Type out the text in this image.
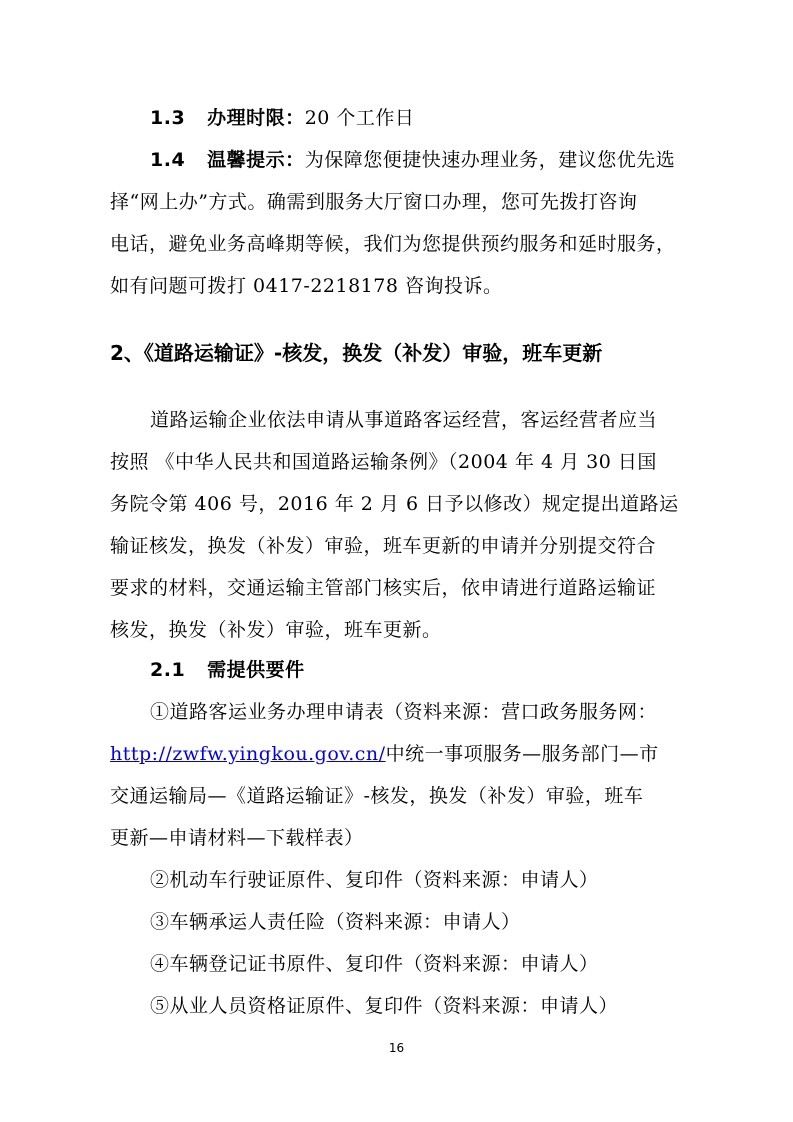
1.3 办理时限：20 个工作日
1.4 温馨提示：为保障您便捷快速办理业务，建议您优先选
择“网上办”方式。确需到服务大厅窗口办理，您可先拨打咨询
电话，避免业务高峰期等候，我们为您提供预约服务和延时服务，
如有问题可拨打 0417-2218178 咨询投诉。
2、《道路运输证》-核发，换发（补发）审验，班车更新
道路运输企业依法申请从事道路客运经营，客运经营者应当
按照 《中华人民共和国道路运输条例》（2004 年 4 月 30 日国
务院令第 406 号，2016 年 2 月 6 日予以修改）规定提出道路运
输证核发，换发（补发）审验，班车更新的申请并分别提交符合
要求的材料，交通运输主管部门核实后，依申请进行道路运输证
核发，换发（补发）审验，班车更新。
2.1 需提供要件
①道路客运业务办理申请表（资料来源：营口政务服务网：
http://zwfw.yingkou.gov.cn/中统一事项服务—服务部门—市
交通运输局—《道路运输证》-核发，换发（补发）审验，班车
更新—申请材料—下载样表）
②机动车行驶证原件、复印件（资料来源：申请人）
③车辆承运人责任险（资料来源：申请人）
④车辆登记证书原件、复印件（资料来源：申请人）
⑤从业人员资格证原件、复印件（资料来源：申请人）
16
